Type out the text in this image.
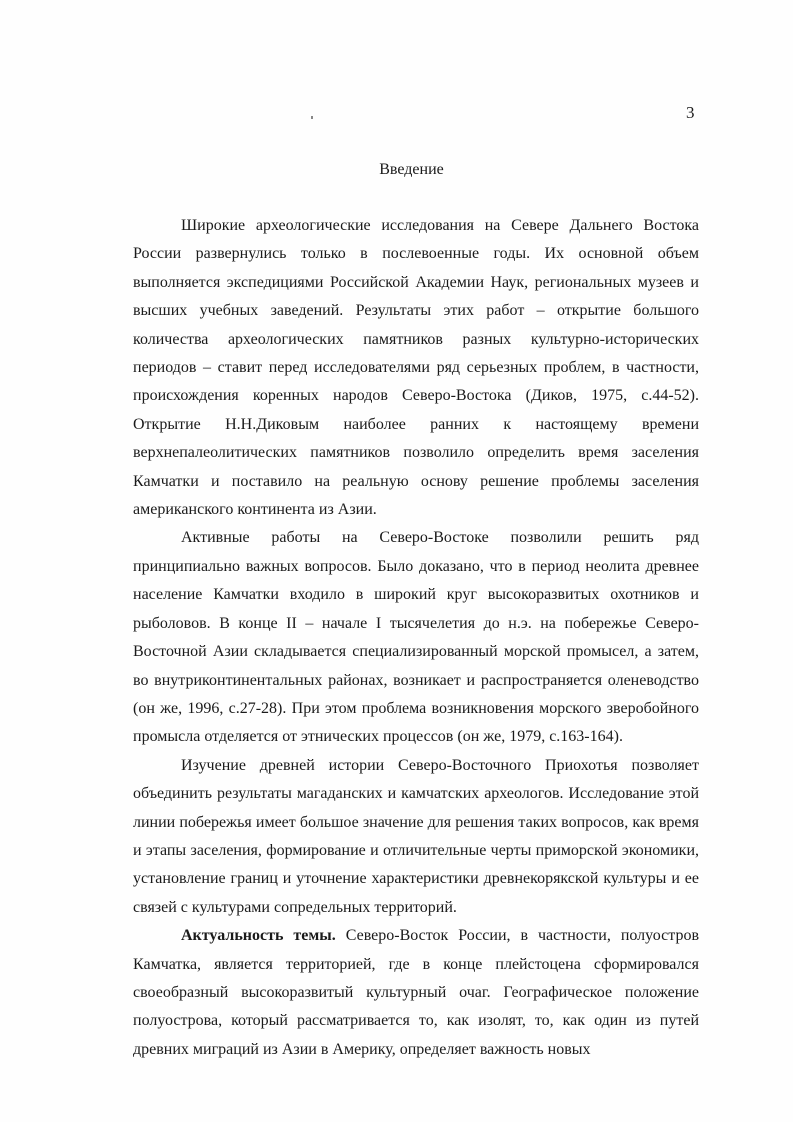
3
Введение

Широкие археологические исследования на Севере Дальнего Востока России развернулись только в послевоенные годы. Их основной объем выполняется экспедициями Российской Академии Наук, региональных музеев и высших учебных заведений. Результаты этих работ – открытие большого количества археологических памятников разных культурно-исторических периодов – ставит перед исследователями ряд серьезных проблем, в частности, происхождения коренных народов Северо-Востока (Диков, 1975, с.44-52). Открытие Н.Н.Диковым наиболее ранних к настоящему времени верхнепалеолитических памятников позволило определить время заселения Камчатки и поставило на реальную основу решение проблемы заселения американского континента из Азии.

Активные работы на Северо-Востоке позволили решить ряд принципиально важных вопросов. Было доказано, что в период неолита древнее население Камчатки входило в широкий круг высокоразвитых охотников и рыболовов. В конце II – начале I тысячелетия до н.э. на побережье Северо-Восточной Азии складывается специализированный морской промысел, а затем, во внутриконтинентальных районах, возникает и распространяется оленеводство (он же, 1996, с.27-28). При этом проблема возникновения морского зверобойного промысла отделяется от этнических процессов (он же, 1979, с.163-164).

Изучение древней истории Северо-Восточного Приохотья позволяет объединить результаты магаданских и камчатских археологов. Исследование этой линии побережья имеет большое значение для решения таких вопросов, как время и этапы заселения, формирование и отличительные черты приморской экономики, установление границ и уточнение характеристики древнекорякской культуры и ее связей с культурами сопредельных территорий.

Актуальность темы. Северо-Восток России, в частности, полуостров Камчатка, является территорией, где в конце плейстоцена сформировался своеобразный высокоразвитый культурный очаг. Географическое положение полуострова, который рассматривается то, как изолят, то, как один из путей древних миграций из Азии в Америку, определяет важность новых
